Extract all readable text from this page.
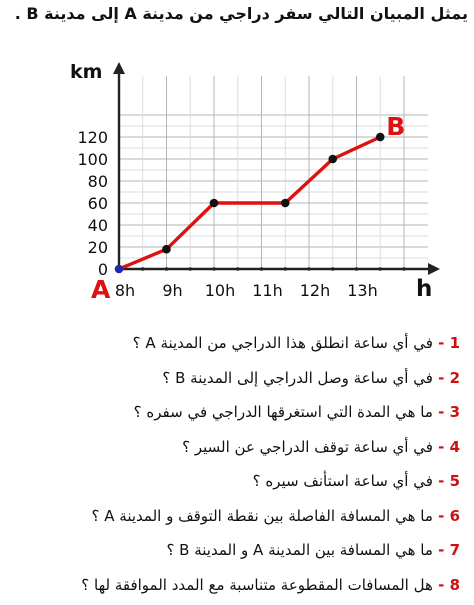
يمثل المبيان التالي سفر دراجي من مدينة A إلى مدينة B .
0
20
40
60
80
100
120
8h 9h 10h 11h 12h 13h
km
h
A
B
1 - في أي ساعة انطلق هذا الدراجي من المدينة A ؟
2 - في أي ساعة وصل الدراجي إلى المدينة B ؟
3 - ما هي المدة التي استغرقها الدراجي في سفره ؟
4 - في أي ساعة توقف الدراجي عن السير ؟
5 - في أي ساعة استأنف سيره ؟
6 - ما هي المسافة الفاصلة بين نقطة التوقف و المدينة A ؟
7 - ما هي المسافة بين المدينة A و المدينة B ؟
8 - هل المسافات المقطوعة متناسبة مع المدد الموافقة لها ؟
